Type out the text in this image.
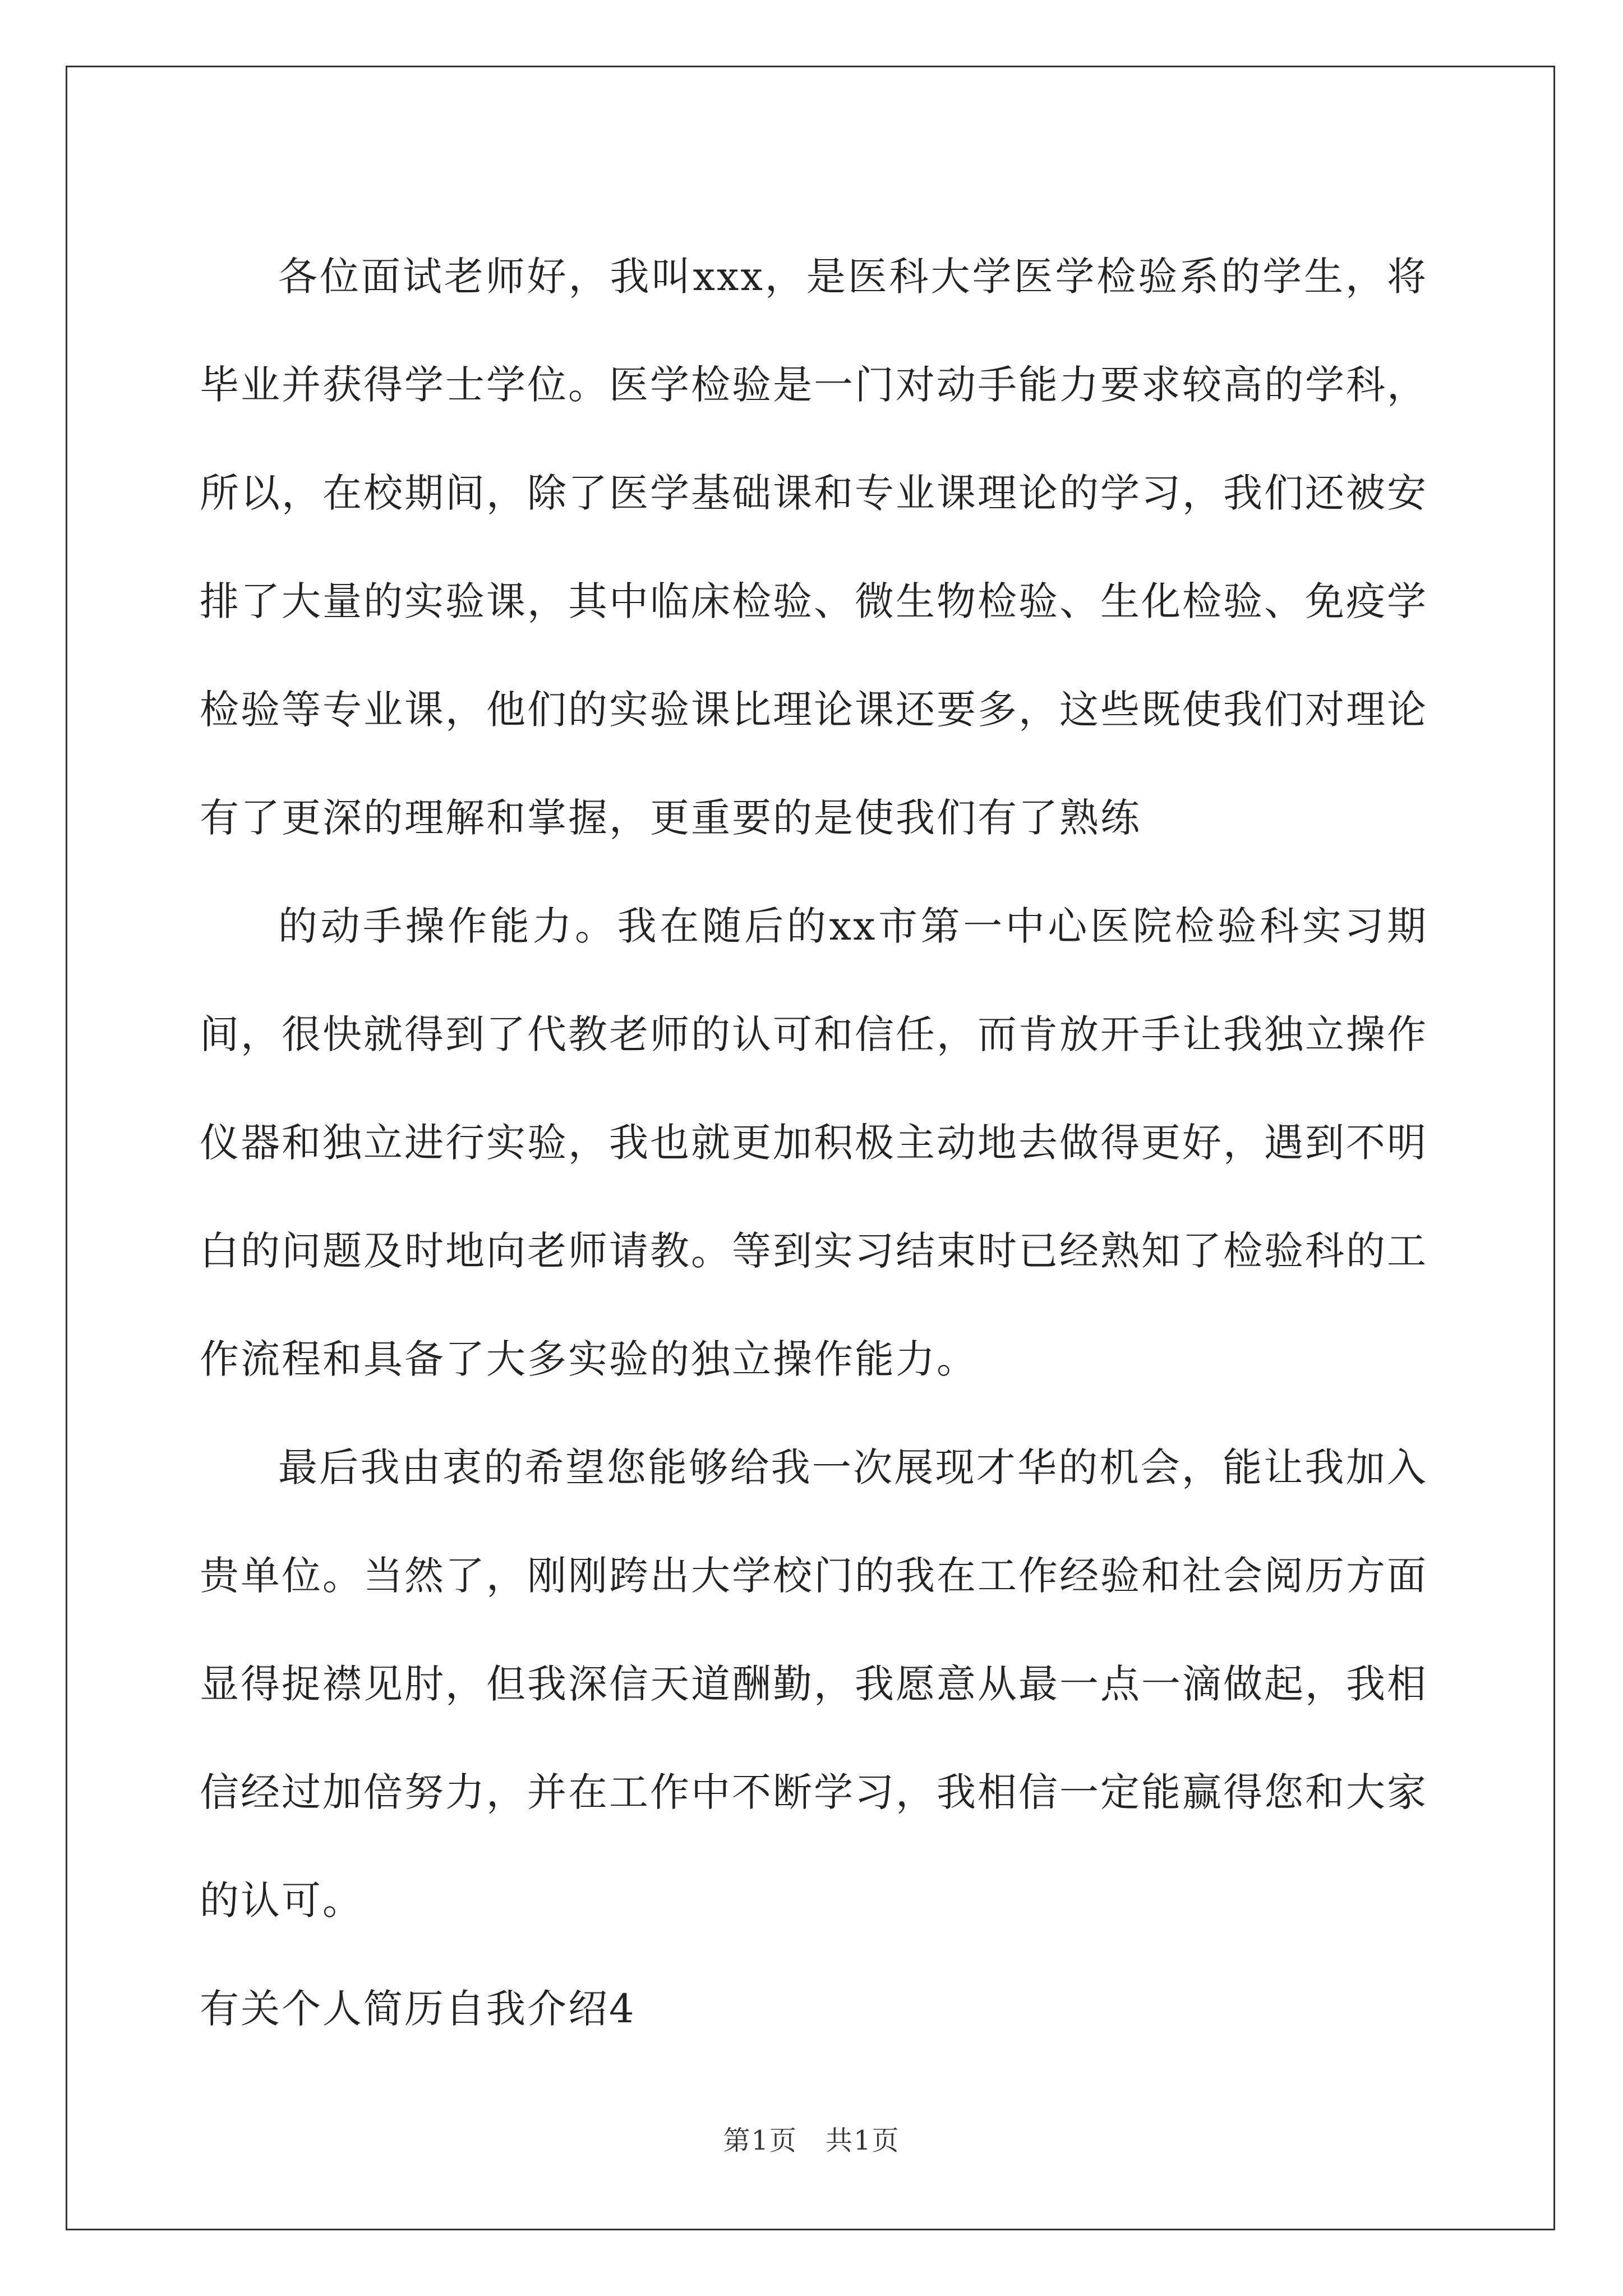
各位面试老师好，我叫xxx，是医科大学医学检验系的学生，将毕业并获得学士学位。医学检验是一门对动手能力要求较高的学科，所以，在校期间，除了医学基础课和专业课理论的学习，我们还被安排了大量的实验课，其中临床检验、微生物检验、生化检验、免疫学检验等专业课，他们的实验课比理论课还要多，这些既使我们对理论有了更深的理解和掌握，更重要的是使我们有了熟练

的动手操作能力。我在随后的xx市第一中心医院检验科实习期间，很快就得到了代教老师的认可和信任，而肯放开手让我独立操作仪器和独立进行实验，我也就更加积极主动地去做得更好，遇到不明白的问题及时地向老师请教。等到实习结束时已经熟知了检验科的工作流程和具备了大多实验的独立操作能力。

最后我由衷的希望您能够给我一次展现才华的机会，能让我加入贵单位。当然了，刚刚跨出大学校门的我在工作经验和社会阅历方面显得捉襟见肘，但我深信天道酬勤，我愿意从最一点一滴做起，我相信经过加倍努力，并在工作中不断学习，我相信一定能赢得您和大家的认可。

有关个人简历自我介绍4

第1页　共1页
